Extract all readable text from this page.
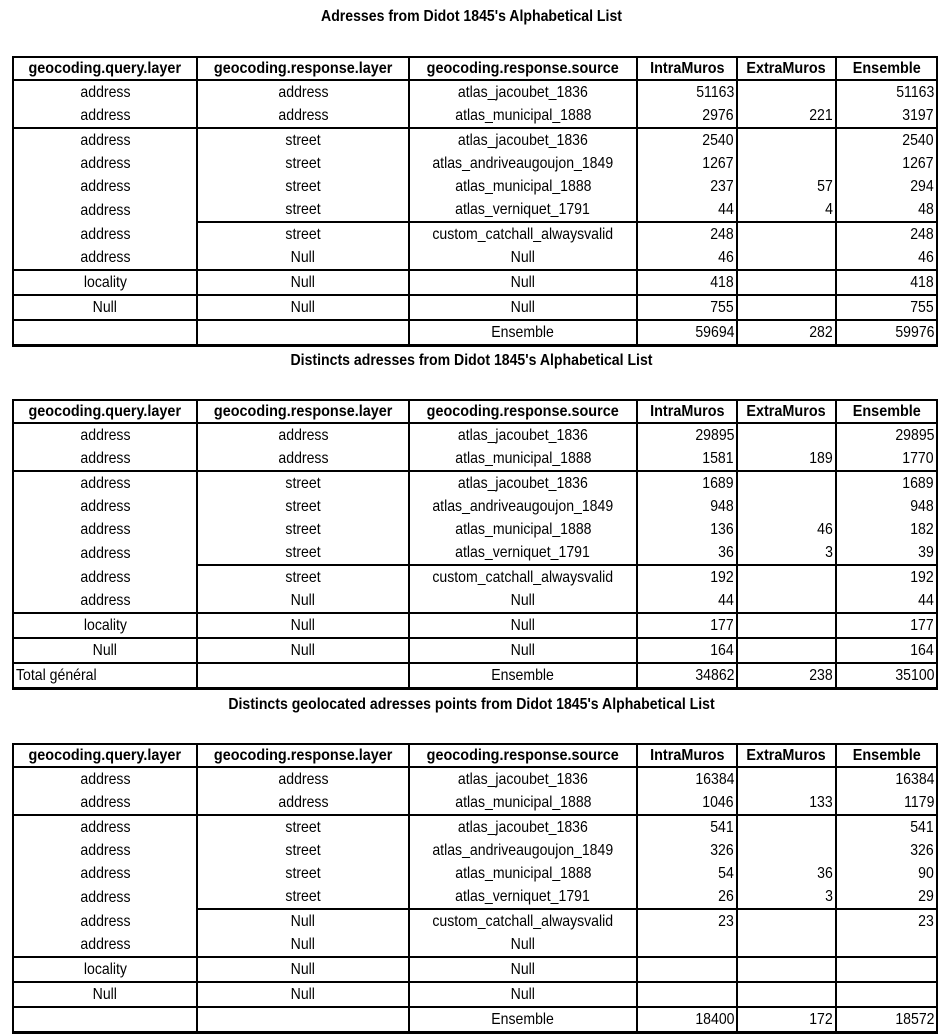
Adresses from Didot 1845's Alphabetical List
geocoding.query.layer	geocoding.response.layer	geocoding.response.source	IntraMuros	ExtraMuros	Ensemble
address	address	atlas_jacoubet_1836	51163		51163
address	address	atlas_municipal_1888	2976	221	3197
address	street	atlas_jacoubet_1836	2540		2540
address	street	atlas_andriveaugoujon_1849	1267		1267
address	street	atlas_municipal_1888	237	57	294
address	street	atlas_verniquet_1791	44	4	48
address	street	custom_catchall_alwaysvalid	248		248
address	Null	Null	46		46
locality	Null	Null	418		418
Null	Null	Null	755		755
		Ensemble	59694	282	59976
Distincts adresses from Didot 1845's Alphabetical List
geocoding.query.layer	geocoding.response.layer	geocoding.response.source	IntraMuros	ExtraMuros	Ensemble
address	address	atlas_jacoubet_1836	29895		29895
address	address	atlas_municipal_1888	1581	189	1770
address	street	atlas_jacoubet_1836	1689		1689
address	street	atlas_andriveaugoujon_1849	948		948
address	street	atlas_municipal_1888	136	46	182
address	street	atlas_verniquet_1791	36	3	39
address	street	custom_catchall_alwaysvalid	192		192
address	Null	Null	44		44
locality	Null	Null	177		177
Null	Null	Null	164		164
Total général		Ensemble	34862	238	35100
Distincts geolocated adresses points from Didot 1845's Alphabetical List
geocoding.query.layer	geocoding.response.layer	geocoding.response.source	IntraMuros	ExtraMuros	Ensemble
address	address	atlas_jacoubet_1836	16384		16384
address	address	atlas_municipal_1888	1046	133	1179
address	street	atlas_jacoubet_1836	541		541
address	street	atlas_andriveaugoujon_1849	326		326
address	street	atlas_municipal_1888	54	36	90
address	street	atlas_verniquet_1791	26	3	29
address	Null	custom_catchall_alwaysvalid	23		23
address	Null	Null			
locality	Null	Null			
Null	Null	Null			
		Ensemble	18400	172	18572
